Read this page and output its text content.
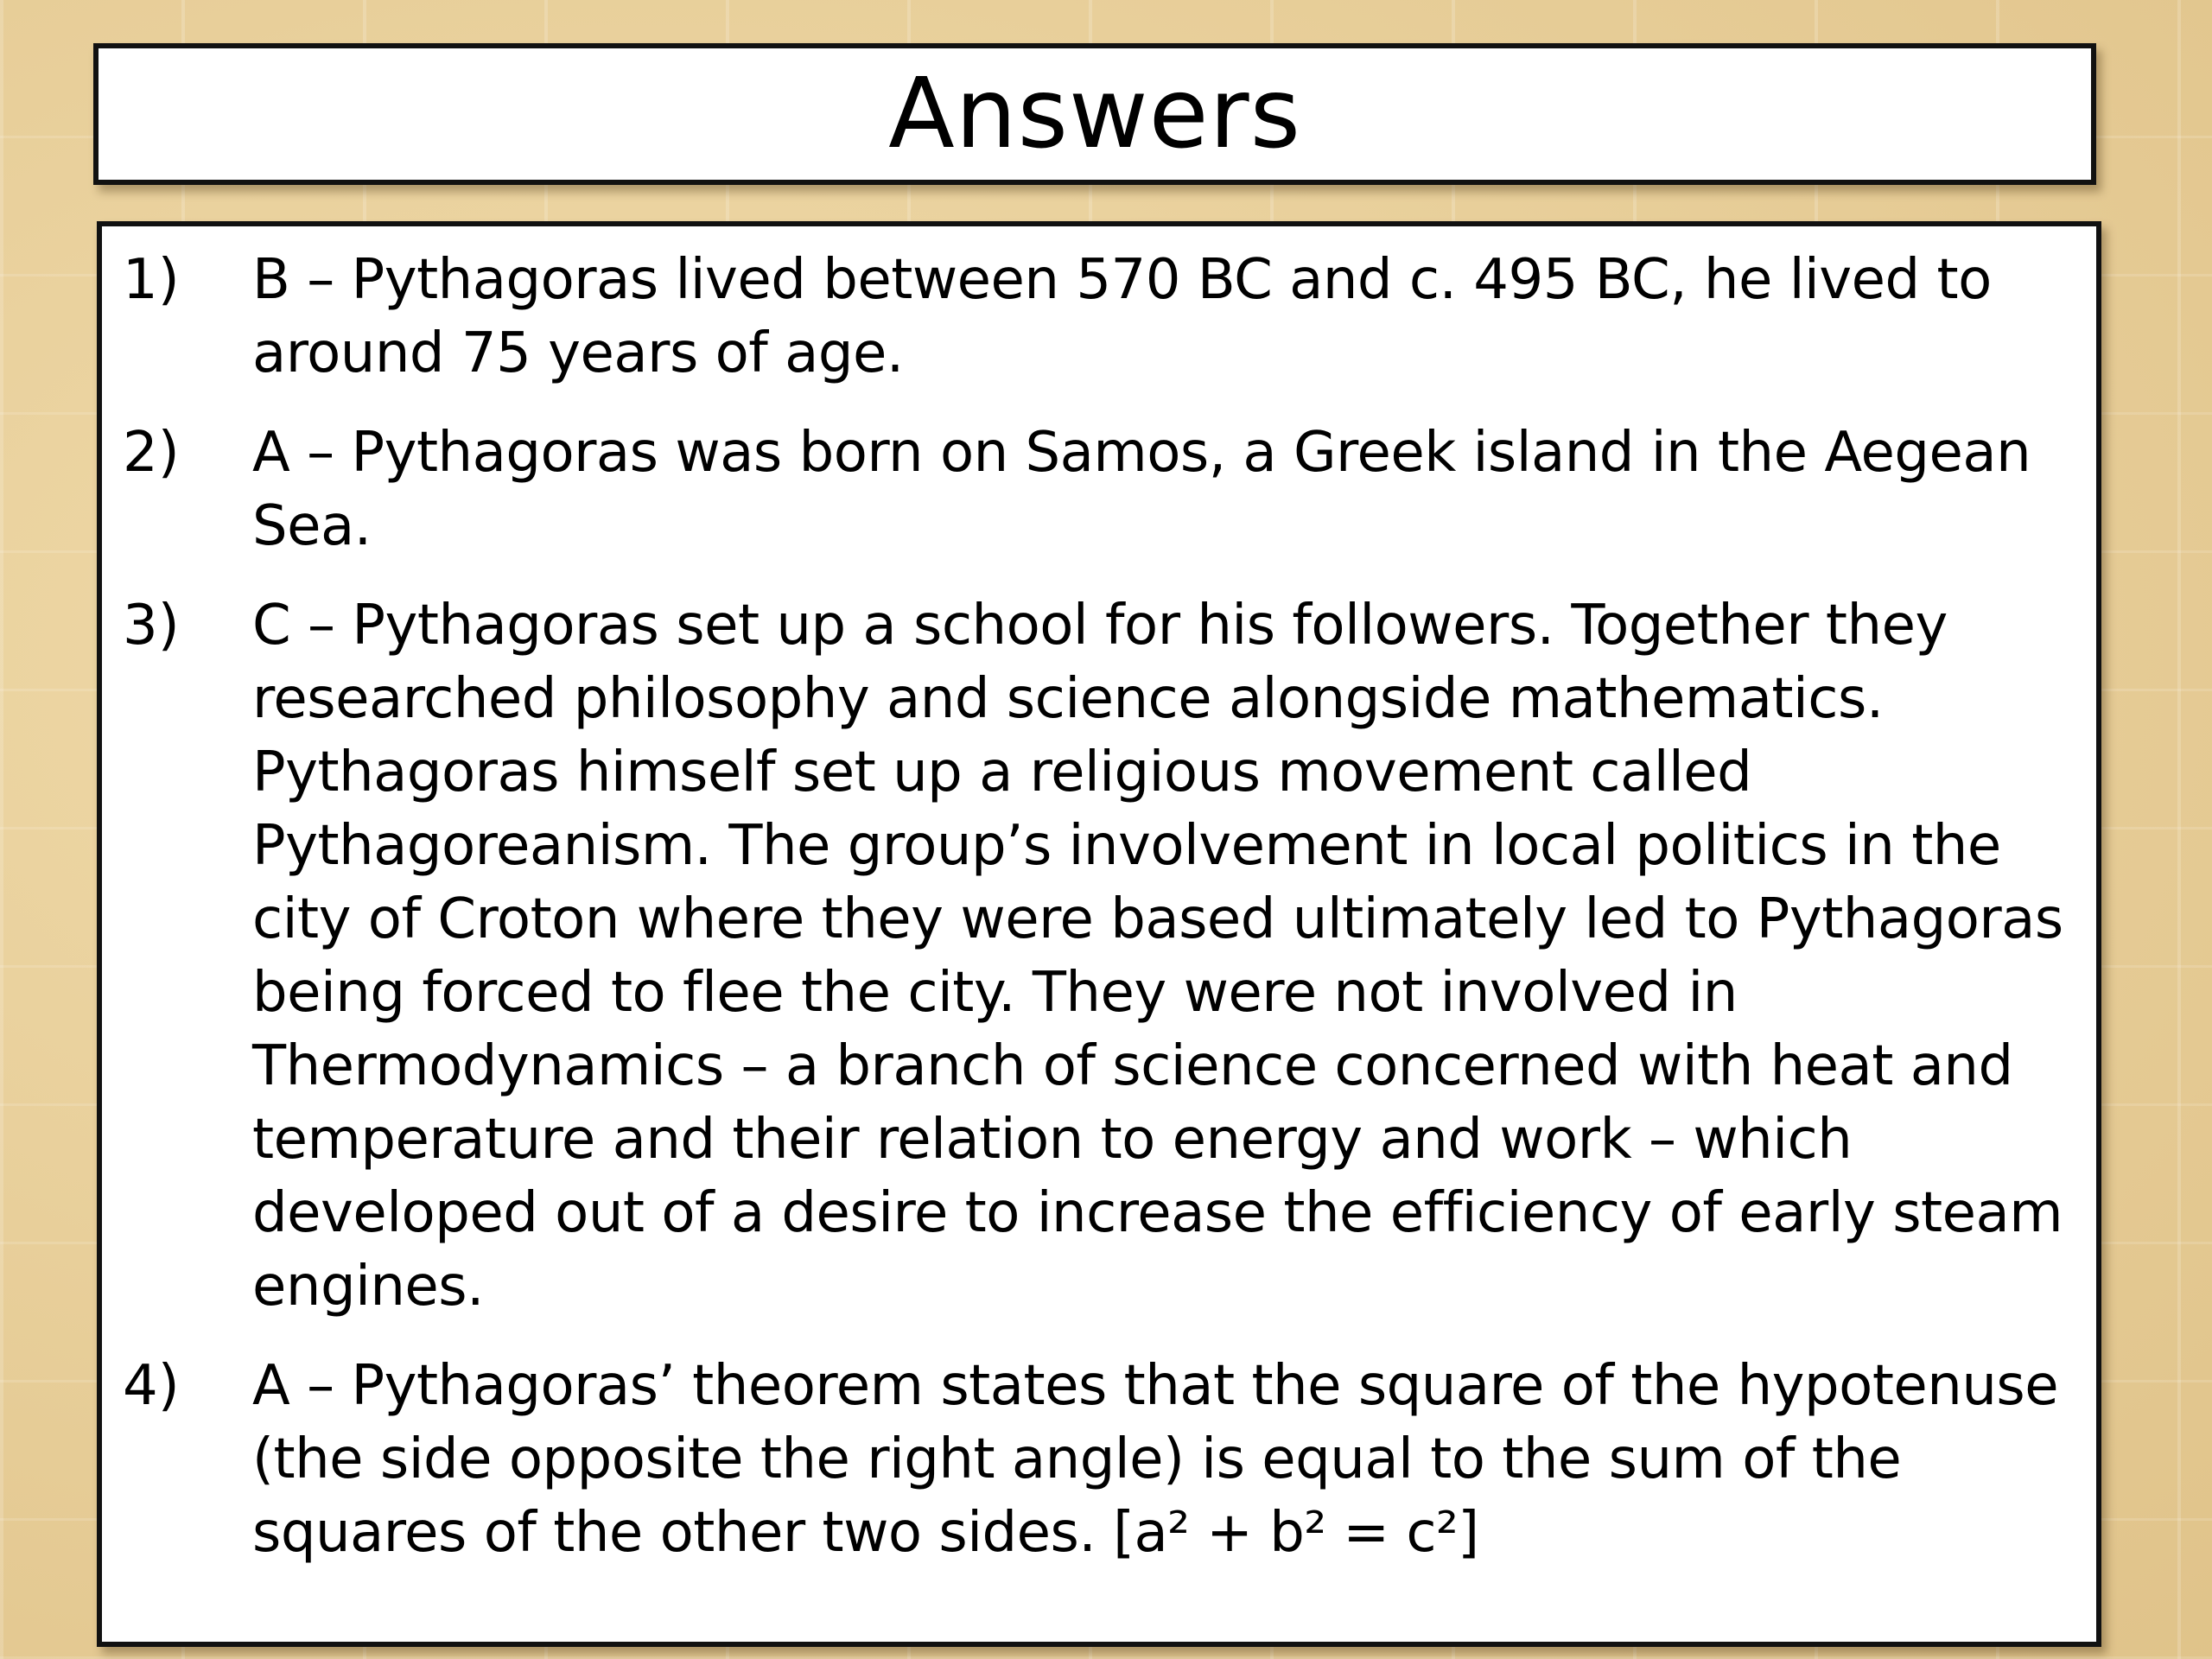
Answers
1)	B – Pythagoras lived between 570 BC and c. 495 BC, he lived to around 75 years of age.
2)	A – Pythagoras was born on Samos, a Greek island in the Aegean Sea.
3)	C – Pythagoras set up a school for his followers. Together they researched philosophy and science alongside mathematics. Pythagoras himself set up a religious movement called Pythagoreanism. The group’s involvement in local politics in the city of Croton where they were based ultimately led to Pythagoras being forced to flee the city. They were not involved in Thermodynamics – a branch of science concerned with heat and temperature and their relation to energy and work – which developed out of a desire to increase the efficiency of early steam engines.
4)	A – Pythagoras’ theorem states that the square of the hypotenuse (the side opposite the right angle) is equal to the sum of the squares of the other two sides. [a² + b² = c²]
